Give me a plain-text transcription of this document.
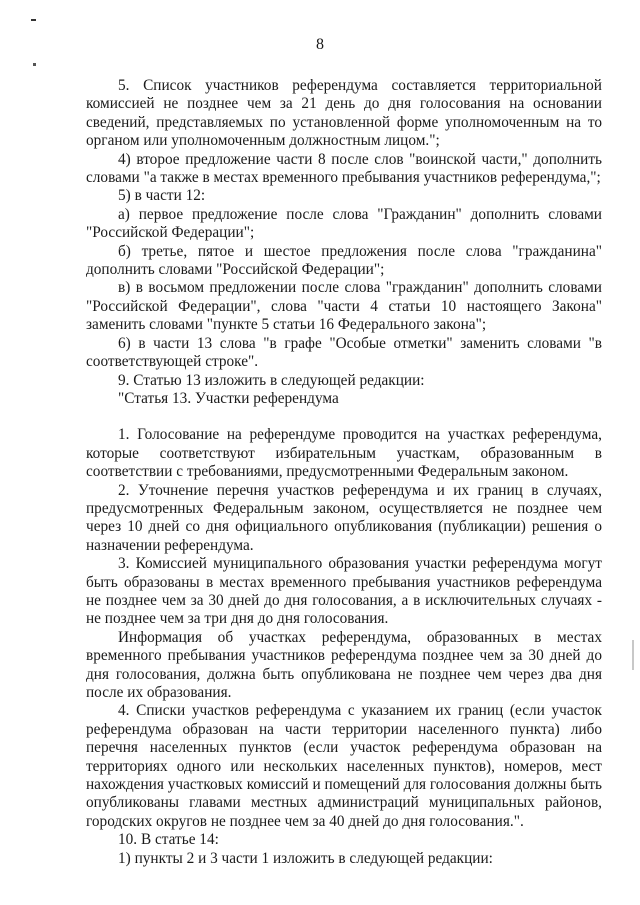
8

5. Список участников референдума составляется территориальной комиссией не позднее чем за 21 день до дня голосования на основании сведений, представляемых по установленной форме уполномоченным на то органом или уполномоченным должностным лицом.";

4) второе предложение части 8 после слов "воинской части," дополнить словами "а также в местах временного пребывания участников референдума,";

5) в части 12:

а) первое предложение после слова "Гражданин" дополнить словами "Российской Федерации";

б) третье, пятое и шестое предложения после слова "гражданина" дополнить словами "Российской Федерации";

в) в восьмом предложении после слова "гражданин" дополнить словами "Российской Федерации", слова "части 4 статьи 10 настоящего Закона" заменить словами "пункте 5 статьи 16 Федерального закона";

6) в части 13 слова "в графе "Особые отметки" заменить словами "в соответствующей строке".

9. Статью 13 изложить в следующей редакции:

"Статья 13. Участки референдума

1. Голосование на референдуме проводится на участках референдума, которые соответствуют избирательным участкам, образованным в соответствии с требованиями, предусмотренными Федеральным законом.

2. Уточнение перечня участков референдума и их границ в случаях, предусмотренных Федеральным законом, осуществляется не позднее чем через 10 дней со дня официального опубликования (публикации) решения о назначении референдума.

3. Комиссией муниципального образования участки референдума могут быть образованы в местах временного пребывания участников референдума не позднее чем за 30 дней до дня голосования, а в исключительных случаях - не позднее чем за три дня до дня голосования.

Информация об участках референдума, образованных в местах временного пребывания участников референдума позднее чем за 30 дней до дня голосования, должна быть опубликована не позднее чем через два дня после их образования.

4. Списки участков референдума с указанием их границ (если участок референдума образован на части территории населенного пункта) либо перечня населенных пунктов (если участок референдума образован на территориях одного или нескольких населенных пунктов), номеров, мест нахождения участковых комиссий и помещений для голосования должны быть опубликованы главами местных администраций муниципальных районов, городских округов не позднее чем за 40 дней до дня голосования.".

10. В статье 14:

1) пункты 2 и 3 части 1 изложить в следующей редакции:
